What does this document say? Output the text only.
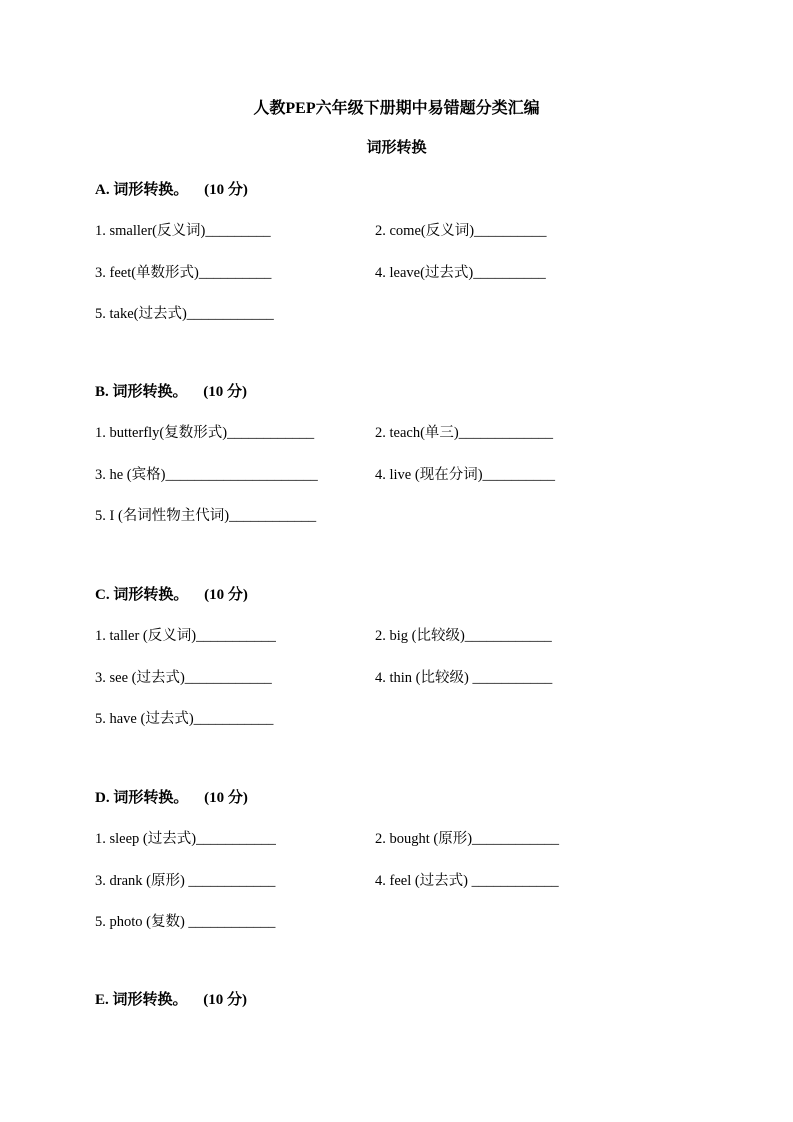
人教PEP六年级下册期中易错题分类汇编
词形转换
A. 词形转换。 (10 分)
1. smaller(反义词)_________	2. come(反义词)__________
3. feet(单数形式)__________	4. leave(过去式)__________
5. take(过去式)____________
B. 词形转换。 (10 分)
1. butterfly(复数形式)____________	2. teach(单三)_____________
3. he (宾格)_____________________	4. live (现在分词)__________
5. I (名词性物主代词)____________
C. 词形转换。 (10 分)
1. taller (反义词)___________	2. big (比较级)____________
3. see (过去式)____________	4. thin (比较级) ___________
5. have (过去式)___________
D. 词形转换。 (10 分)
1. sleep (过去式)___________	2. bought (原形)____________
3. drank (原形) ____________	4. feel (过去式) ____________
5. photo (复数) ____________
E. 词形转换。 (10 分)
